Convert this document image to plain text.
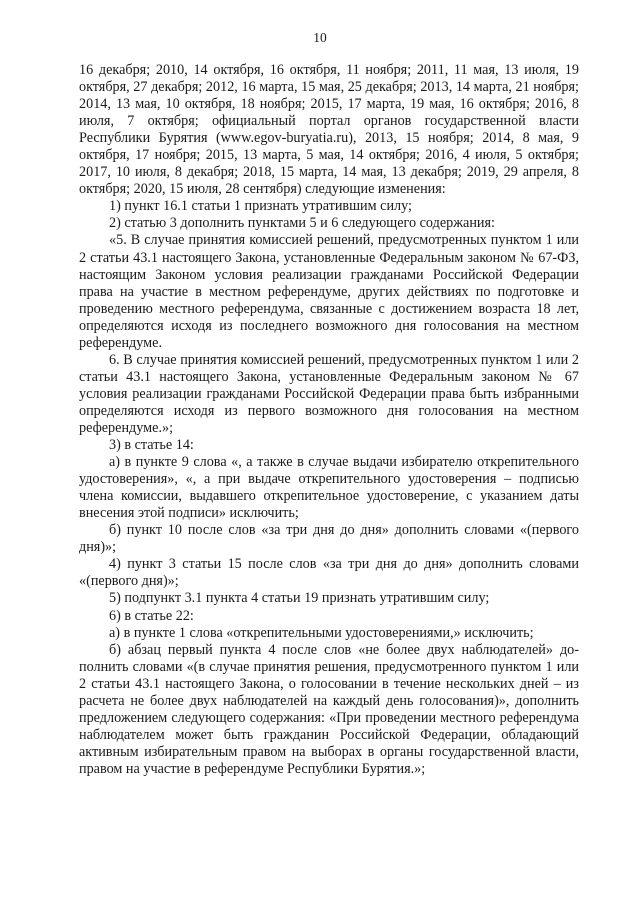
10

16 декабря; 2010, 14 октября, 16 октября, 11 ноября; 2011, 11 мая, 13 июля, 19 октября, 27 декабря; 2012, 16 марта, 15 мая, 25 декабря; 2013, 14 марта, 21 ноября; 2014, 13 мая, 10 октября, 18 ноября; 2015, 17 марта, 19 мая, 16 октября; 2016, 8 июля, 7 октября; официальный портал органов государственной власти Республики Бурятия (www.egov-buryatia.ru), 2013, 15 ноября; 2014, 8 мая, 9 октября, 17 ноября; 2015, 13 марта, 5 мая, 14 октября; 2016, 4 июля, 5 октября; 2017, 10 июля, 8 декабря; 2018, 15 марта, 14 мая, 13 декабря; 2019, 29 апреля, 8 октября; 2020, 15 июля, 28 сентября) следующие изменения:

1) пункт 16.1 статьи 1 признать утратившим силу;

2) статью 3 дополнить пунктами 5 и 6 следующего содержания:

«5. В случае принятия комиссией решений, предусмотренных пунктом 1 или 2 статьи 43.1 настоящего Закона, установленные Федеральным законом № 67-ФЗ, настоящим Законом условия реализации гражданами Российской Федерации права на участие в местном референдуме, других действиях по подготовке и проведению местного референдума, связанные с достижением возраста 18 лет, определяются исходя из последнего возможного дня голосования на местном референдуме.

6. В случае принятия комиссией решений, предусмотренных пунктом 1 или 2 статьи 43.1 настоящего Закона, установленные Федеральным законом № 67 условия реализации гражданами Российской Федерации права быть избранными определяются исходя из первого возможного дня голосования на местном референдуме.»;

3) в статье 14:

а) в пункте 9 слова «, а также в случае выдачи избирателю открепительного удостоверения», «, а при выдаче открепительного удостоверения – подписью члена комиссии, выдавшего открепительное удостоверение, с указанием даты внесения этой подписи» исключить;

б) пункт 10 после слов «за три дня до дня» дополнить словами «(первого дня)»;

4) пункт 3 статьи 15 после слов «за три дня до дня» дополнить словами «(первого дня)»;

5) подпункт 3.1 пункта 4 статьи 19 признать утратившим силу;

6) в статье 22:

а) в пункте 1 слова «открепительными удостоверениями,» исключить;

б) абзац первый пункта 4 после слов «не более двух наблюдателей» дополнить словами «(в случае принятия решения, предусмотренного пунктом 1 или 2 статьи 43.1 настоящего Закона, о голосовании в течение нескольких дней – из расчета не более двух наблюдателей на каждый день голосования)», дополнить предложением следующего содержания: «При проведении местного референдума наблюдателем может быть гражданин Российской Федерации, обладающий активным избирательным правом на выборах в органы государственной власти, правом на участие в референдуме Республики Бурятия.»;
